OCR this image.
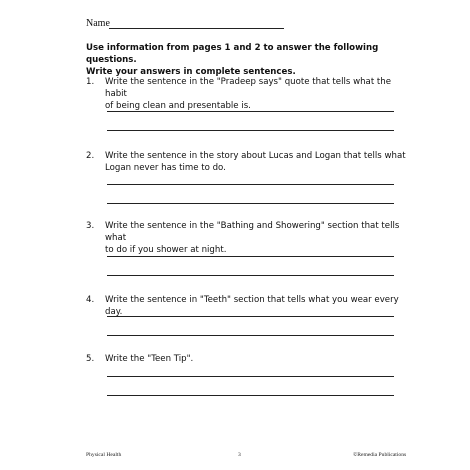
Name
Use information from pages 1 and 2 to answer the following questions.
Write your answers in complete sentences.
1. Write the sentence in the "Pradeep says" quote that tells what the habit
of being clean and presentable is.
2. Write the sentence in the story about Lucas and Logan that tells what
Logan never has time to do.
3. Write the sentence in the "Bathing and Showering" section that tells what
to do if you shower at night.
4. Write the sentence in "Teeth" section that tells what you wear every day.
5. Write the "Teen Tip".
Physical Health	3	©Remedia Publications
